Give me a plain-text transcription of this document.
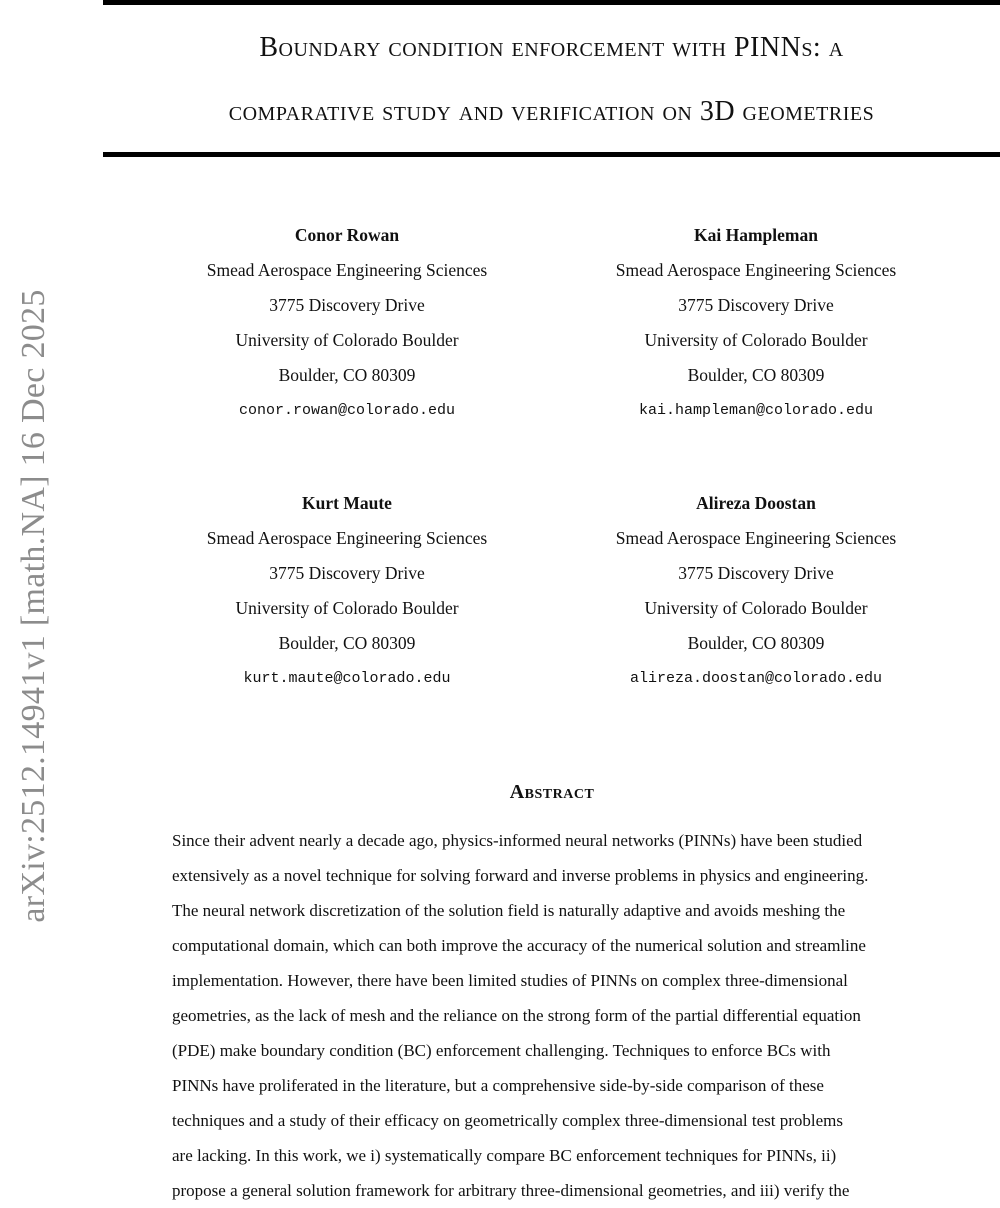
Boundary condition enforcement with PINNs: a
comparative study and verification on 3D geometries
arXiv:2512.14941v1 [math.NA] 16 Dec 2025
Conor Rowan
Smead Aerospace Engineering Sciences
3775 Discovery Drive
University of Colorado Boulder
Boulder, CO 80309
conor.rowan@colorado.edu
Kai Hampleman
Smead Aerospace Engineering Sciences
3775 Discovery Drive
University of Colorado Boulder
Boulder, CO 80309
kai.hampleman@colorado.edu
Kurt Maute
Smead Aerospace Engineering Sciences
3775 Discovery Drive
University of Colorado Boulder
Boulder, CO 80309
kurt.maute@colorado.edu
Alireza Doostan
Smead Aerospace Engineering Sciences
3775 Discovery Drive
University of Colorado Boulder
Boulder, CO 80309
alireza.doostan@colorado.edu
Abstract
Since their advent nearly a decade ago, physics-informed neural networks (PINNs) have been studied
extensively as a novel technique for solving forward and inverse problems in physics and engineering.
The neural network discretization of the solution field is naturally adaptive and avoids meshing the
computational domain, which can both improve the accuracy of the numerical solution and streamline
implementation. However, there have been limited studies of PINNs on complex three-dimensional
geometries, as the lack of mesh and the reliance on the strong form of the partial differential equation
(PDE) make boundary condition (BC) enforcement challenging. Techniques to enforce BCs with
PINNs have proliferated in the literature, but a comprehensive side-by-side comparison of these
techniques and a study of their efficacy on geometrically complex three-dimensional test problems
are lacking. In this work, we i) systematically compare BC enforcement techniques for PINNs, ii)
propose a general solution framework for arbitrary three-dimensional geometries, and iii) verify the
